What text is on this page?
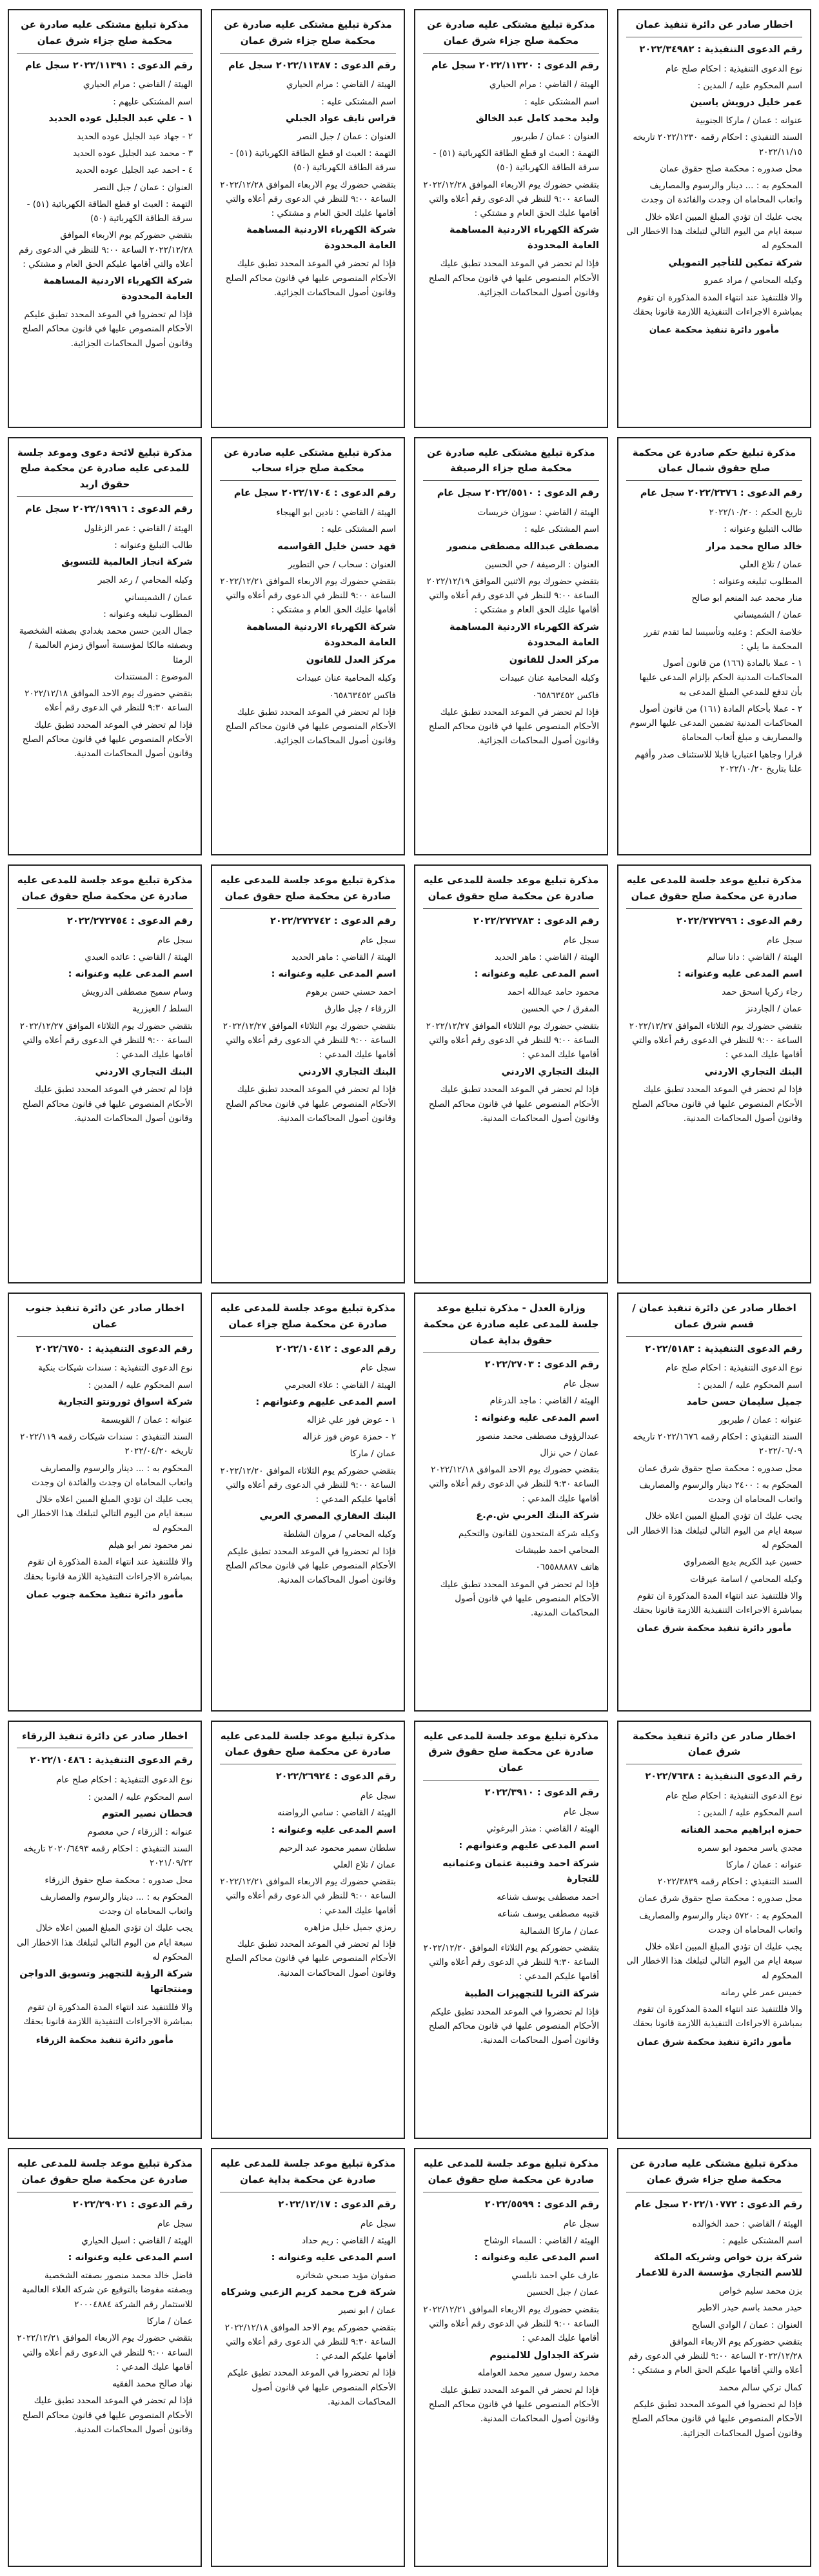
اخطار صادر عن دائرة تنفيذ عمان
رقم الدعوى التنفيذية : ٢٠٢٢/٣٤٩٨٢
نوع الدعوى التنفيذية : احكام صلح عام
اسم المحكوم عليه / المدين :
عمر خليل درويش ياسين
عنوانه : عمان / ماركا الجنوبية
السند التنفيذي : احكام رقمه ٢٠٢٢/١٢٣٠ تاريخه ٢٠٢٢/١١/١٥
محل صدوره : محكمة صلح حقوق عمان
المحكوم به : ... دينار والرسوم والمصاريف واتعاب المحاماه ان وجدت والفائدة ان وجدت
يجب عليك ان تؤدي المبلغ المبين اعلاه خلال سبعة ايام من اليوم التالي لتبلغك هذا الاخطار الى المحكوم له
شركة تمكين للتأجير التمويلي
وكيله المحامي / مراد عمرو
والا فللتنفيذ عند انتهاء المدة المذكورة ان تقوم بمباشرة الاجراءات التنفيذية اللازمة قانونا بحقك
مأمور دائرة تنفيذ محكمة عمان
مذكرة تبليغ مشتكى عليه صادرة عن محكمة صلح جزاء شرق عمان
رقم الدعوى : ٢٠٢٢/١١٣٢٠ سجل عام
الهيئة / القاضي : مرام الحياري
اسم المشتكى عليه :
وليد محمد كامل عبد الخالق
العنوان : عمان / طبربور
التهمة : العبث او قطع الطاقة الكهربائية (٥١) - سرقة الطاقة الكهربائية (٥٠)
بتقضي حضورك يوم الاربعاء الموافق ٢٠٢٢/١٢/٢٨ الساعة ٩:٠٠ للنظر في الدعوى رقم أعلاه والتي أقامها عليك الحق العام و مشتكي :
شركة الكهرباء الاردنية المساهمة العامة المحدودة
فإذا لم تحضر في الموعد المحدد تطبق عليك الأحكام المنصوص عليها في قانون محاكم الصلح وقانون أصول المحاكمات الجزائية.
مذكرة تبليغ مشتكى عليه صادرة عن محكمة صلح جزاء شرق عمان
رقم الدعوى : ٢٠٢٢/١١٣٨٧ سجل عام
الهيئة / القاضي : مرام الحياري
اسم المشتكى عليه :
فراس نايف عواد الجبلي
العنوان : عمان / جبل النصر
التهمة : العبث او قطع الطاقة الكهربائية (٥١) - سرقة الطاقة الكهربائية (٥٠)
بتقضي حضورك يوم الاربعاء الموافق ٢٠٢٢/١٢/٢٨ الساعة ٩:٠٠ للنظر في الدعوى رقم أعلاه والتي أقامها عليك الحق العام و مشتكي :
شركة الكهرباء الاردنية المساهمة العامة المحدودة
فإذا لم تحضر في الموعد المحدد تطبق عليك الأحكام المنصوص عليها في قانون محاكم الصلح وقانون أصول المحاكمات الجزائية.
مذكرة تبليغ مشتكى عليه صادرة عن محكمة صلح جزاء شرق عمان
رقم الدعوى : ٢٠٢٢/١١٣٩١ سجل عام
الهيئة / القاضي : مرام الحياري
اسم المشتكى عليهم :
١ - علي عبد الجليل عوده الحديد
٢ - جهاد عبد الجليل عوده الحديد
٣ - محمد عبد الجليل عوده الحديد
٤ - احمد عبد الجليل عوده الحديد
العنوان : عمان / جبل النصر
التهمة : العبث او قطع الطاقة الكهربائية (٥١) - سرقة الطاقة الكهربائية (٥٠)
بتقضي حضوركم يوم الاربعاء الموافق ٢٠٢٢/١٢/٢٨ الساعة ٩:٠٠ للنظر في الدعوى رقم أعلاه والتي أقامها عليكم الحق العام و مشتكي :
شركة الكهرباء الاردنية المساهمة العامة المحدودة
فإذا لم تحضروا في الموعد المحدد تطبق عليكم الأحكام المنصوص عليها في قانون محاكم الصلح وقانون أصول المحاكمات الجزائية.
مذكرة تبليغ حكم صادرة عن محكمة صلح حقوق شمال عمان
رقم الدعوى : ٢٠٢٢/٢٣٧٦ سجل عام
تاريخ الحكم : ٢٠٢٢/١٠/٢٠
طالب التبليغ وعنوانه :
خالد صالح محمد مرار
عمان / تلاع العلي
المطلوب تبليغه وعنوانه :
منار محمد عبد المنعم ابو صالح
عمان / الشميساني
خلاصة الحكم : وعليه وتأسيسا لما تقدم تقرر المحكمة ما يلي :
١ - عملا بالمادة (١٦٦) من قانون أصول المحاكمات المدنية الحكم بإلزام المدعى عليها بأن تدفع للمدعي المبلغ المدعى به
٢ - عملا بأحكام المادة (١٦١) من قانون أصول المحاكمات المدنية تضمين المدعى عليها الرسوم والمصاريف و مبلغ أتعاب المحاماة
قرارا وجاهيا اعتباريا قابلا للاستئناف صدر وأفهم علنا بتاريخ ٢٠٢٢/١٠/٢٠
مذكرة تبليغ مشتكى عليه صادرة عن محكمة صلح جزاء الرصيفة
رقم الدعوى : ٢٠٢٢/٥٥١٠ سجل عام
الهيئة / القاضي : سوزان خريسات
اسم المشتكى عليه :
مصطفى عبدالله مصطفى منصور
العنوان : الرصيفة / حي الحسين
بتقضي حضورك يوم الاثنين الموافق ٢٠٢٢/١٢/١٩ الساعة ٩:٠٠ للنظر في الدعوى رقم أعلاه والتي أقامها عليك الحق العام و مشتكي :
شركة الكهرباء الاردنية المساهمة العامة المحدودة
مركز العدل للقانون
وكيله المحامية عنان عبيدات
فاكس ٠٦٥٨٦٣٤٥٢
فإذا لم تحضر في الموعد المحدد تطبق عليك الأحكام المنصوص عليها في قانون محاكم الصلح وقانون أصول المحاكمات الجزائية.
مذكرة تبليغ مشتكى عليه صادرة عن محكمة صلح جزاء سحاب
رقم الدعوى : ٢٠٢٢/١٧٠٤ سجل عام
الهيئة / القاضي : نادين ابو الهيجاء
اسم المشتكى عليه :
فهد حسن خليل القواسمه
العنوان : سحاب / حي التطوير
بتقضي حضورك يوم الاربعاء الموافق ٢٠٢٢/١٢/٢١ الساعة ٩:٠٠ للنظر في الدعوى رقم أعلاه والتي أقامها عليك الحق العام و مشتكي :
شركة الكهرباء الاردنية المساهمة العامة المحدودة
مركز العدل للقانون
وكيله المحامية عنان عبيدات
فاكس ٠٦٥٨٦٣٤٥٢
فإذا لم تحضر في الموعد المحدد تطبق عليك الأحكام المنصوص عليها في قانون محاكم الصلح وقانون أصول المحاكمات الجزائية.
مذكرة تبليغ لائحة دعوى وموعد جلسة للمدعى عليه صادرة عن محكمة صلح حقوق اربد
رقم الدعوى : ٢٠٢٢/١٩٩١٦ سجل عام
الهيئة / القاضي : عمر الزغلول
طالب التبليغ وعنوانه :
شركة انجاز العالمية للتسويق
وكيله المحامي / رعد الجبر
عمان / الشميساني
المطلوب تبليغه وعنوانه :
جمال الدين حسن محمد بغدادي بصفته الشخصية وبصفته مالكا لمؤسسة أسواق زمزم العالمية / الرمثا
الموضوع : المستندات
بتقضي حضورك يوم الاحد الموافق ٢٠٢٢/١٢/١٨ الساعة ٩:٣٠ للنظر في الدعوى رقم أعلاه
فإذا لم تحضر في الموعد المحدد تطبق عليك الأحكام المنصوص عليها في قانون محاكم الصلح وقانون أصول المحاكمات المدنية.
مذكرة تبليغ موعد جلسة للمدعى عليه صادرة عن محكمة صلح حقوق عمان
رقم الدعوى : ٢٠٢٢/٢٧٢٧٩٦
سجل عام
الهيئة / القاضي : دانا سالم
اسم المدعى عليه وعنوانه :
رجاء زكريا اسحق حمد
عمان / الجاردنز
بتقضي حضورك يوم الثلاثاء الموافق ٢٠٢٢/١٢/٢٧ الساعة ٩:٠٠ للنظر في الدعوى رقم أعلاه والتي أقامها عليك المدعي :
البنك التجاري الاردني
فإذا لم تحضر في الموعد المحدد تطبق عليك الأحكام المنصوص عليها في قانون محاكم الصلح وقانون أصول المحاكمات المدنية.
مذكرة تبليغ موعد جلسة للمدعى عليه صادرة عن محكمة صلح حقوق عمان
رقم الدعوى : ٢٠٢٢/٢٧٢٧٨٣
سجل عام
الهيئة / القاضي : ماهر الحديد
اسم المدعى عليه وعنوانه :
محمود حامد عبدالله احمد
المفرق / حي الحسين
بتقضي حضورك يوم الثلاثاء الموافق ٢٠٢٢/١٢/٢٧ الساعة ٩:٠٠ للنظر في الدعوى رقم أعلاه والتي أقامها عليك المدعي :
البنك التجاري الاردني
فإذا لم تحضر في الموعد المحدد تطبق عليك الأحكام المنصوص عليها في قانون محاكم الصلح وقانون أصول المحاكمات المدنية.
مذكرة تبليغ موعد جلسة للمدعى عليه صادرة عن محكمة صلح حقوق عمان
رقم الدعوى : ٢٠٢٢/٢٧٢٧٤٢
سجل عام
الهيئة / القاضي : ماهر الحديد
اسم المدعى عليه وعنوانه :
احمد حسني حسن برهوم
الزرقاء / جبل طارق
بتقضي حضورك يوم الثلاثاء الموافق ٢٠٢٢/١٢/٢٧ الساعة ٩:٠٠ للنظر في الدعوى رقم أعلاه والتي أقامها عليك المدعي :
البنك التجاري الاردني
فإذا لم تحضر في الموعد المحدد تطبق عليك الأحكام المنصوص عليها في قانون محاكم الصلح وقانون أصول المحاكمات المدنية.
مذكرة تبليغ موعد جلسة للمدعى عليه صادرة عن محكمة صلح حقوق عمان
رقم الدعوى : ٢٠٢٢/٢٧٢٧٥٤
سجل عام
الهيئة / القاضي : عائده العبدي
اسم المدعى عليه وعنوانه :
وسام سميح مصطفى الدرويش
السلط / العيزرية
بتقضي حضورك يوم الثلاثاء الموافق ٢٠٢٢/١٢/٢٧ الساعة ٩:٠٠ للنظر في الدعوى رقم أعلاه والتي أقامها عليك المدعي :
البنك التجاري الاردني
فإذا لم تحضر في الموعد المحدد تطبق عليك الأحكام المنصوص عليها في قانون محاكم الصلح وقانون أصول المحاكمات المدنية.
اخطار صادر عن دائرة تنفيذ عمان / قسم شرق عمان
رقم الدعوى التنفيذية : ٢٠٢٢/٥١٨٣
نوع الدعوى التنفيذية : احكام صلح عام
اسم المحكوم عليه / المدين :
جميل سليمان حسن حامد
عنوانه : عمان / طبربور
السند التنفيذي : احكام رقمه ٢٠٢٢/١٦٧٦ تاريخه ٢٠٢٢/٠٦/٠٩
محل صدوره : محكمة صلح حقوق شرق عمان
المحكوم به : ٢٤٠٠ دينار والرسوم والمصاريف واتعاب المحاماه ان وجدت
يجب عليك ان تؤدي المبلغ المبين اعلاه خلال سبعة ايام من اليوم التالي لتبلغك هذا الاخطار الى المحكوم له
حسين عبد الكريم بديع الضمراوي
وكيله المحامي / اسامة عيرقات
والا فللتنفيذ عند انتهاء المدة المذكورة ان تقوم بمباشرة الاجراءات التنفيذية اللازمة قانونا بحقك
مأمور دائرة تنفيذ محكمة شرق عمان
وزارة العدل - مذكرة تبليغ موعد جلسة للمدعى عليه صادرة عن محكمة حقوق بداية عمان
رقم الدعوى : ٢٠٢٢/٢٧٠٣
سجل عام
الهيئة / القاضي : ماجد الدرغام
اسم المدعى عليه وعنوانه :
عبدالرؤوف مصطفى محمد منصور
عمان / حي نزال
بتقضي حضورك يوم الاحد الموافق ٢٠٢٢/١٢/١٨ الساعة ٩:٣٠ للنظر في الدعوى رقم أعلاه والتي أقامها عليك المدعي :
شركة البنك العربي ش.م.ع
وكيله شركة المتحدون للقانون والتحكيم
المحامي احمد طبيشات
هاتف ٠٦٥٥٨٨٨٨٧
فإذا لم تحضر في الموعد المحدد تطبق عليك الأحكام المنصوص عليها في قانون أصول المحاكمات المدنية.
مذكرة تبليغ موعد جلسة للمدعى عليه صادرة عن محكمة صلح جزاء عمان
رقم الدعوى : ٢٠٢٢/١٠٤١٢
سجل عام
الهيئة / القاضي : علاء العجرمي
اسم المدعى عليهم وعنوانهم :
١ - عوض فوز علي غزاله
٢ - حمزة عوض فوز غزاله
عمان / ماركا
بتقضي حضوركم يوم الثلاثاء الموافق ٢٠٢٢/١٢/٢٠ الساعة ٩:٠٠ للنظر في الدعوى رقم أعلاه والتي أقامها عليكم المدعي :
البنك العقاري المصري العربي
وكيله المحامي / مروان الشلطة
فإذا لم تحضروا في الموعد المحدد تطبق عليكم الأحكام المنصوص عليها في قانون محاكم الصلح وقانون أصول المحاكمات المدنية.
اخطار صادر عن دائرة تنفيذ جنوب عمان
رقم الدعوى التنفيذية : ٢٠٢٢/٦٧٥٠
نوع الدعوى التنفيذية : سندات شيكات بنكية
اسم المحكوم عليه / المدين :
شركة اسواق ثورونتو التجارية
عنوانه : عمان / القويسمة
السند التنفيذي : سندات شيكات رقمه ٢٠٢٢/١١٩ تاريخه ٢٠٢٢/٠٤/٢٠
المحكوم به : ... دينار والرسوم والمصاريف واتعاب المحاماه ان وجدت والفائدة ان وجدت
يجب عليك ان تؤدي المبلغ المبين اعلاه خلال سبعة ايام من اليوم التالي لتبلغك هذا الاخطار الى المحكوم له
نمر محمود نمر ابو هيلم
والا فللتنفيذ عند انتهاء المدة المذكورة ان تقوم بمباشرة الاجراءات التنفيذية اللازمة قانونا بحقك
مأمور دائرة تنفيذ محكمة جنوب عمان
اخطار صادر عن دائرة تنفيذ محكمة شرق عمان
رقم الدعوى التنفيذية : ٢٠٢٢/٧٦٣٨
نوع الدعوى التنفيذية : احكام صلح عام
اسم المحكوم عليه / المدين :
حمزه ابراهيم محمد الفنانه
مجدي ياسر محمود ابو سمره
عنوانه : عمان / ماركا
السند التنفيذي : احكام رقمه ٢٠٢٢/٣٨٣٩
محل صدوره : محكمة صلح حقوق شرق عمان
المحكوم به : ٥٧٢٠ دينار والرسوم والمصاريف واتعاب المحاماه ان وجدت
يجب عليك ان تؤدي المبلغ المبين اعلاه خلال سبعة ايام من اليوم التالي لتبلغك هذا الاخطار الى المحكوم له
خميس عمر علي رمانه
والا فللتنفيذ عند انتهاء المدة المذكورة ان تقوم بمباشرة الاجراءات التنفيذية اللازمة قانونا بحقك
مأمور دائرة تنفيذ محكمة شرق عمان
مذكرة تبليغ موعد جلسة للمدعى عليه صادرة عن محكمة صلح حقوق شرق عمان
رقم الدعوى : ٢٠٢٢/٣٩١٠
سجل عام
الهيئة / القاضي : منذر البرغوثي
اسم المدعى عليهم وعنوانهم :
شركة احمد وقتيبة عثمان وعثمانيه للتجارة
احمد مصطفى يوسف شناعه
قتيبه مصطفى يوسف شناعه
عمان / ماركا الشمالية
بتقضي حضوركم يوم الثلاثاء الموافق ٢٠٢٢/١٢/٢٠ الساعة ٩:٣٠ للنظر في الدعوى رقم أعلاه والتي أقامها عليكم المدعي :
شركة الثريا للتجهيزات الطبية
فإذا لم تحضروا في الموعد المحدد تطبق عليكم الأحكام المنصوص عليها في قانون محاكم الصلح وقانون أصول المحاكمات المدنية.
مذكرة تبليغ موعد جلسة للمدعى عليه صادرة عن محكمة صلح حقوق عمان
رقم الدعوى : ٢٠٢٢/٢٦٩٢٤
سجل عام
الهيئة / القاضي : سامي الرواضنه
اسم المدعى عليه وعنوانه :
سلطان سمير محمود عبد الرحيم
عمان / تلاع العلي
بتقضي حضورك يوم الاربعاء الموافق ٢٠٢٢/١٢/٢١ الساعة ٩:٠٠ للنظر في الدعوى رقم أعلاه والتي أقامها عليك المدعي :
رمزي جميل خليل مزاهره
فإذا لم تحضر في الموعد المحدد تطبق عليك الأحكام المنصوص عليها في قانون محاكم الصلح وقانون أصول المحاكمات المدنية.
اخطار صادر عن دائرة تنفيذ الزرقاء
رقم الدعوى التنفيذية : ٢٠٢٢/١٠٤٨٦
نوع الدعوى التنفيذية : احكام صلح عام
اسم المحكوم عليه / المدين :
قحطان نصير العتوم
عنوانه : الزرقاء / حي معصوم
السند التنفيذي : احكام رقمه ٢٠٢٠/٦٤٩٣ تاريخه ٢٠٢١/٠٩/٢٢
محل صدوره : محكمة صلح حقوق الزرقاء
المحكوم به : ... دينار والرسوم والمصاريف واتعاب المحاماه ان وجدت
يجب عليك ان تؤدي المبلغ المبين اعلاه خلال سبعة ايام من اليوم التالي لتبلغك هذا الاخطار الى المحكوم له
شركة الرؤية للتجهيز وتسويق الدواجن ومنتجاتها
والا فللتنفيذ عند انتهاء المدة المذكورة ان تقوم بمباشرة الاجراءات التنفيذية اللازمة قانونا بحقك
مأمور دائرة تنفيذ محكمة الزرقاء
مذكرة تبليغ مشتكى عليه صادرة عن محكمة صلح جزاء شرق عمان
رقم الدعوى : ٢٠٢٢/١٠٧٧٢ سجل عام
الهيئة / القاضي : حمد الخوالده
اسم المشتكى عليهم :
شركة بزن خواص وشريكه الملكة للاسم التجاري مؤسسة الدرة للاعمار
بزن محمد سليم خواص
حيدر محمد باسم حيدر الاطير
العنوان : عمان / الوادي السايح
بتقضي حضوركم يوم الاربعاء الموافق ٢٠٢٢/١٢/٢٨ الساعة ٩:٠٠ للنظر في الدعوى رقم أعلاه والتي أقامها عليكم الحق العام و مشتكي :
كمال تركي سالم محمد
فإذا لم تحضروا في الموعد المحدد تطبق عليكم الأحكام المنصوص عليها في قانون محاكم الصلح وقانون أصول المحاكمات الجزائية.
مذكرة تبليغ موعد جلسة للمدعى عليه صادرة عن محكمة صلح حقوق عمان
رقم الدعوى : ٢٠٢٢/٥٥٩٩
سجل عام
الهيئة / القاضي : السماء الوشاح
اسم المدعى عليه وعنوانه :
عارف علي احمد نابلسي
عمان / جبل الحسين
بتقضي حضورك يوم الاربعاء الموافق ٢٠٢٢/١٢/٢١ الساعة ٩:٠٠ للنظر في الدعوى رقم أعلاه والتي أقامها عليك المدعي :
شركة الجداول للالمنيوم
محمد رسول سمير محمد العوامله
فإذا لم تحضر في الموعد المحدد تطبق عليك الأحكام المنصوص عليها في قانون محاكم الصلح وقانون أصول المحاكمات المدنية.
مذكرة تبليغ موعد جلسة للمدعى عليه صادرة عن محكمة بداية عمان
رقم الدعوى : ٢٠٢٢/١٢/١٧
سجل عام
الهيئة / القاضي : ريم حداد
اسم المدعى عليه وعنوانه :
صفوان مؤيد صبحي شخاتره
شركة فرح محمد كريم الزعبي وشركاه
عمان / ابو نصير
بتقضي حضوركم يوم الاحد الموافق ٢٠٢٢/١٢/١٨ الساعة ٩:٣٠ للنظر في الدعوى رقم أعلاه والتي أقامها عليكم المدعي :
فإذا لم تحضروا في الموعد المحدد تطبق عليكم الأحكام المنصوص عليها في قانون أصول المحاكمات المدنية.
مذكرة تبليغ موعد جلسة للمدعى عليه صادرة عن محكمة صلح حقوق عمان
رقم الدعوى : ٢٠٢٢/٢٩٠٢١
سجل عام
الهيئة / القاضي : اسيل الحياري
اسم المدعى عليه وعنوانه :
فاضل خالد محمد منصور بصفته الشخصية وبصفته مفوضا بالتوقيع عن شركة العلاء العالمية للاستثمار رقم الشركة ٢٠٠٠٤٨٨٤
عمان / ماركا
بتقضي حضورك يوم الاربعاء الموافق ٢٠٢٢/١٢/٢١ الساعة ٩:٠٠ للنظر في الدعوى رقم أعلاه والتي أقامها عليك المدعي :
نهاد صالح محمد الفقيه
فإذا لم تحضر في الموعد المحدد تطبق عليك الأحكام المنصوص عليها في قانون محاكم الصلح وقانون أصول المحاكمات المدنية.
